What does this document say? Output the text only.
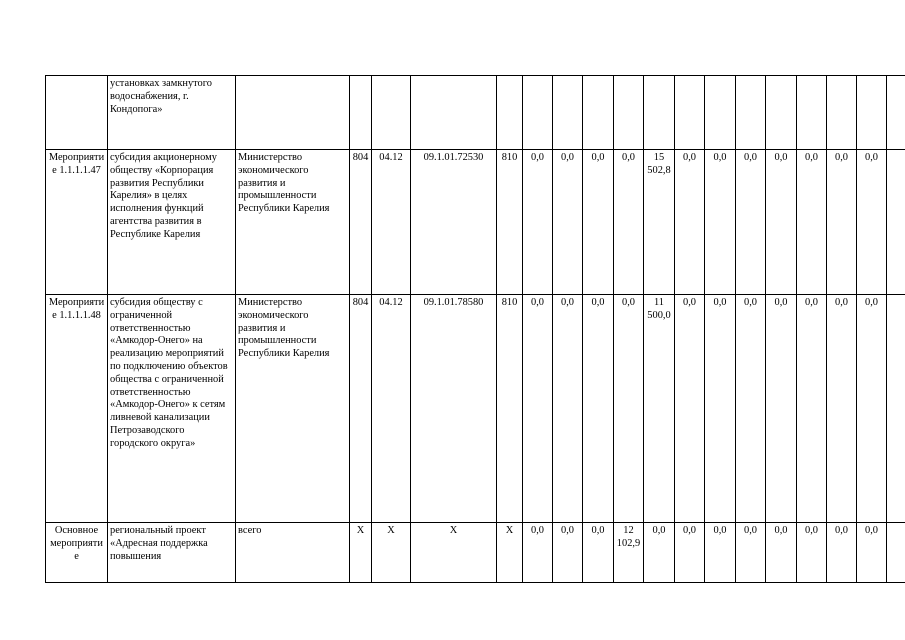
	установках замкнутого водоснабжения, г. Кондопога»																		
Мероприятие 1.1.1.1.47	субсидия акционерному обществу «Корпорация развития Республики Карелия» в целях исполнения функций агентства развития в Республике Карелия	Министерство экономического развития и промышленности Республики Карелия	804	04.12	09.1.01.72530	810	0,0	0,0	0,0	0,0	15 502,8	0,0	0,0	0,0	0,0	0,0	0,0	0,0	
Мероприятие 1.1.1.1.48	субсидия обществу с ограниченной ответственностью «Амкодор-Онего» на реализацию мероприятий по подключению объектов общества с ограниченной ответственностью «Амкодор-Онего» к сетям ливневой канализации Петрозаводского городского округа»	Министерство экономического развития и промышленности Республики Карелия	804	04.12	09.1.01.78580	810	0,0	0,0	0,0	0,0	11 500,0	0,0	0,0	0,0	0,0	0,0	0,0	0,0	
Основное мероприятие	региональный проект «Адресная поддержка повышения	всего	Х	Х	Х	Х	0,0	0,0	0,0	12 102,9	0,0	0,0	0,0	0,0	0,0	0,0	0,0	0,0	
